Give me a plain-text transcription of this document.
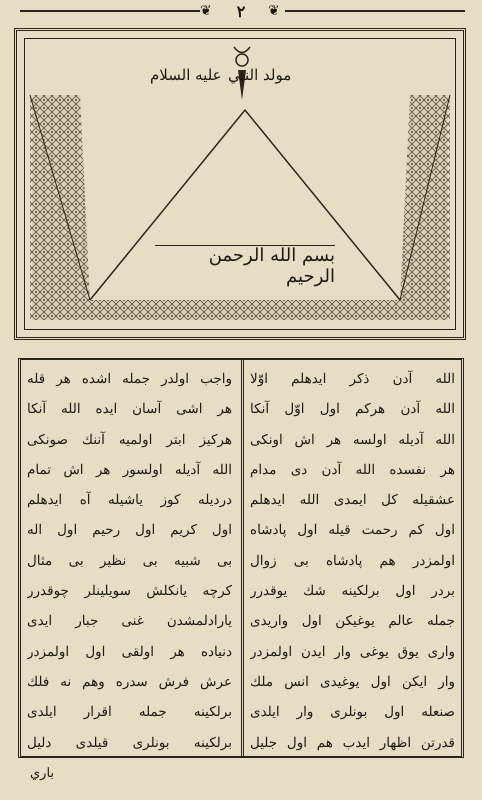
٢
❦	❦
مولد النبي
عليه السلام
بسم الله الرحمن الرحيم
الله آدن ذکر ایدهلم اوّلا
الله آدن هرکم اول اوّل آنکا
الله آدیله اولسه هر اش اونکی
هر نفسده الله آدن دی مدام
عشقیله کل ایمدی الله ایدهلم
اول کم رحمت قیله اول پادشاه
اولمزدر هم پادشاه بی زوال
بردر اول برلکینه شك یوقدرر
جمله عالم یوغیکن اول واریدی
واری یوق یوغی وار ایدن اولمزدر
وار ایکن اول یوغیدی انس ملك
صنعله اول بونلری وار ایلدی
قدرتن اظهار ایدب هم اول جلیل
واجب اولدر جمله اشده هر قله
هر اشی آسان ایده الله آنکا
هرکیز ابتر اولمیه آننك صونکی
الله آدیله اولسور هر اش تمام
دردیله کوز یاشیله آه ایدهلم
اول کریم اول رحیم اول اله
بی شبیه بی نظیر بی مثال
کرچه یانکلش سویلینلر چوقدرر
یارادلمشدن غنی جبار ایدی
دنیاده هر اولقی اول اولمزدر
عرش فرش سدره وهم نه فلك
برلکینه جمله اقرار ایلدی
برلکینه بونلری قیلدی دلیل
باري
